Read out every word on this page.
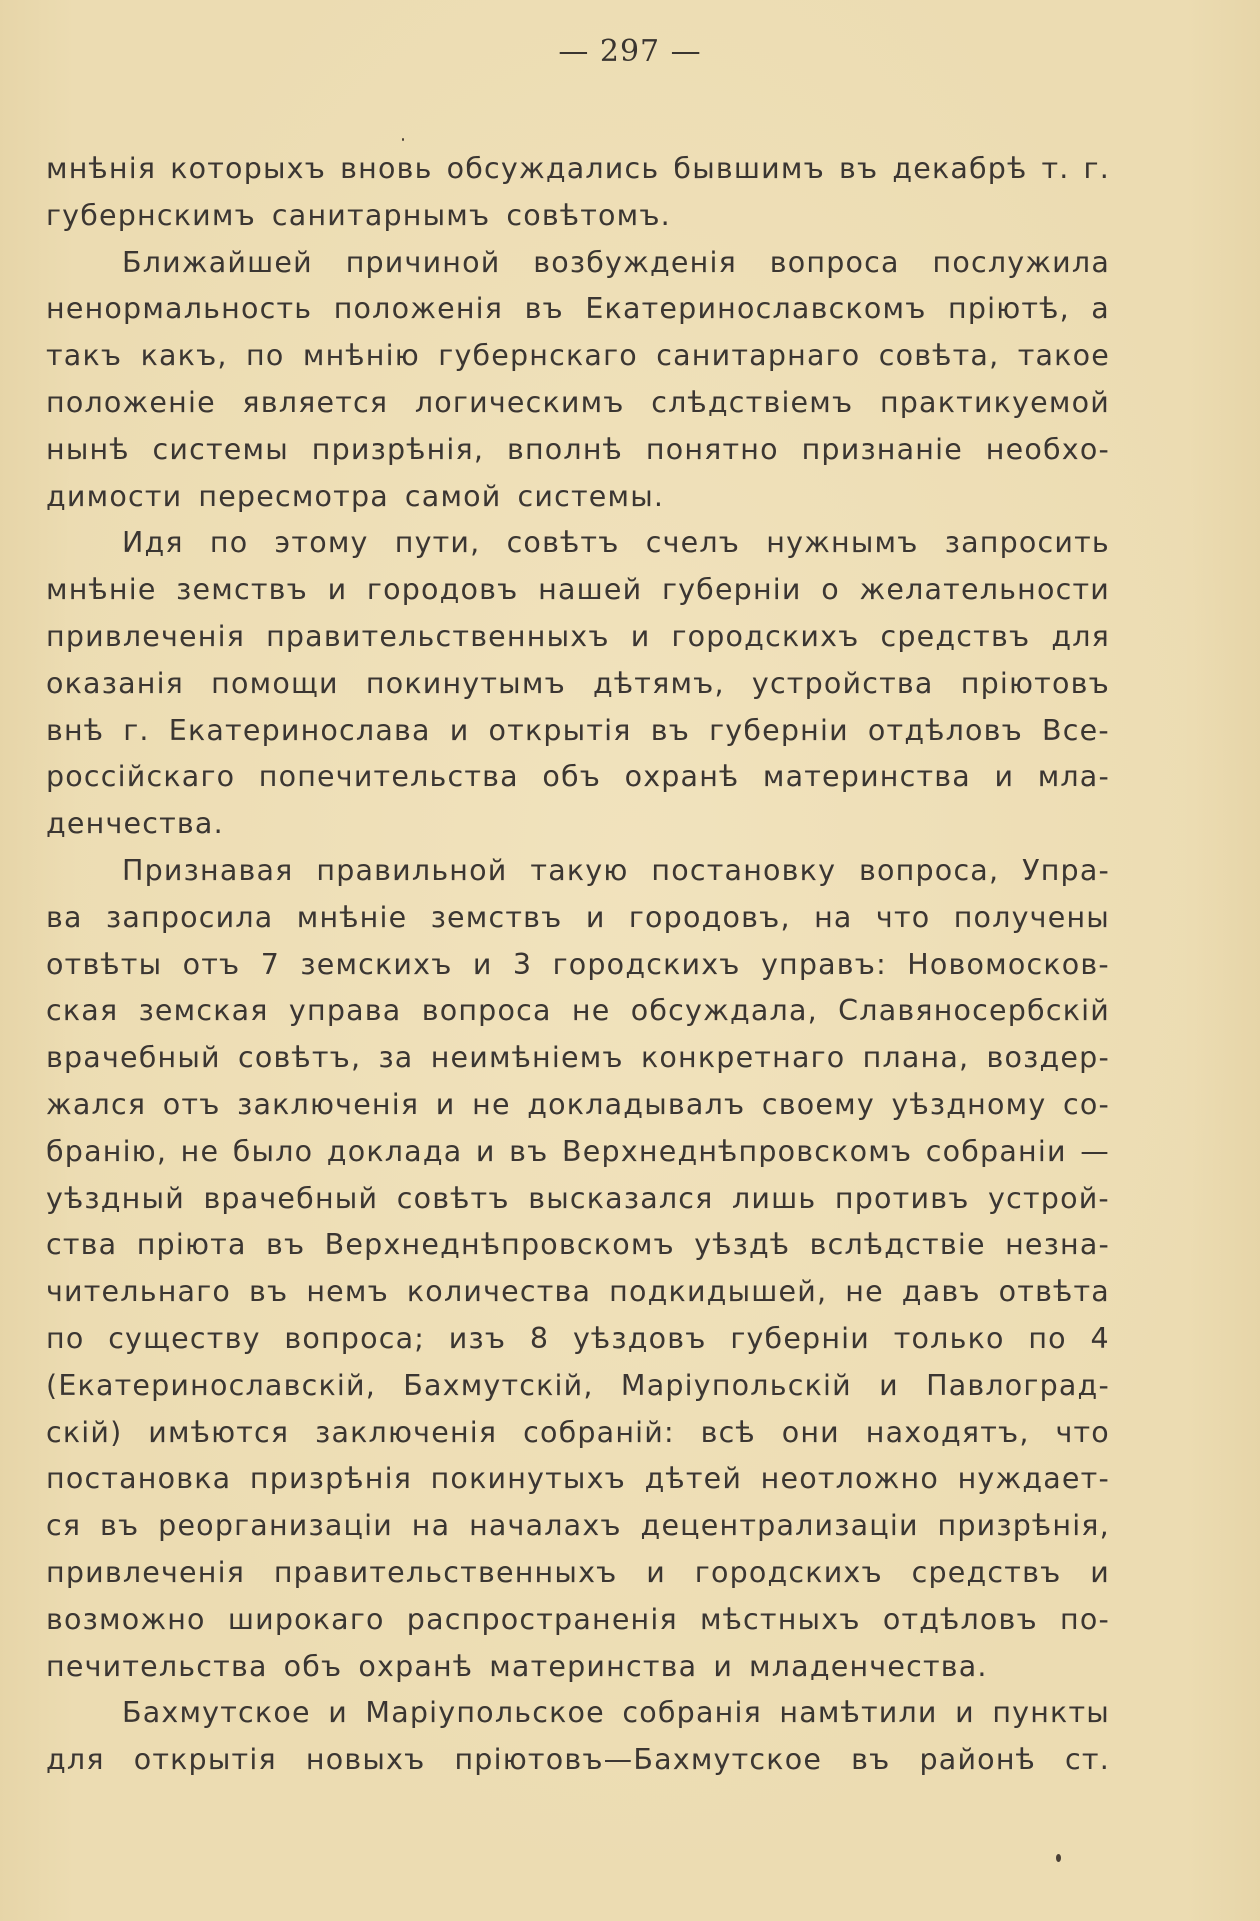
— 297 —
мнѣнія которыхъ вновь обсуждались бывшимъ въ декабрѣ т. г.
губернскимъ санитарнымъ совѣтомъ.
Ближайшей причиной возбужденія вопроса послужила
ненормальность положенія въ Екатеринославскомъ пріютѣ, а
такъ какъ, по мнѣнію губернскаго санитарнаго совѣта, такое
положеніе является логическимъ слѣдствіемъ практикуемой
нынѣ системы призрѣнія, вполнѣ понятно признаніе необхо-
димости пересмотра самой системы.
Идя по этому пути, совѣтъ счелъ нужнымъ запросить
мнѣніе земствъ и городовъ нашей губерніи о желательности
привлеченія правительственныхъ и городскихъ средствъ для
оказанія помощи покинутымъ дѣтямъ, устройства пріютовъ
внѣ г. Екатеринослава и открытія въ губерніи отдѣловъ Все-
россійскаго попечительства объ охранѣ материнства и мла-
денчества.
Признавая правильной такую постановку вопроса, Упра-
ва запросила мнѣніе земствъ и городовъ, на что получены
отвѣты отъ 7 земскихъ и 3 городскихъ управъ: Новомосков-
ская земская управа вопроса не обсуждала, Славяносербскій
врачебный совѣтъ, за неимѣніемъ конкретнаго плана, воздер-
жался отъ заключенія и не докладывалъ своему уѣздному со-
бранію, не было доклада и въ Верхнеднѣпровскомъ собраніи —
уѣздный врачебный совѣтъ высказался лишь противъ устрой-
ства пріюта въ Верхнеднѣпровскомъ уѣздѣ вслѣдствіе незна-
чительнаго въ немъ количества подкидышей, не давъ отвѣта
по существу вопроса; изъ 8 уѣздовъ губерніи только по 4
(Екатеринославскій, Бахмутскій, Маріупольскій и Павлоград-
скій) имѣются заключенія собраній: всѣ они находятъ, что
постановка призрѣнія покинутыхъ дѣтей неотложно нуждает-
ся въ реорганизаціи на началахъ децентрализаціи призрѣнія,
привлеченія правительственныхъ и городскихъ средствъ и
возможно широкаго распространенія мѣстныхъ отдѣловъ по-
печительства объ охранѣ материнства и младенчества.
Бахмутское и Маріупольское собранія намѣтили и пункты
для открытія новыхъ пріютовъ—Бахмутское въ районѣ ст.
